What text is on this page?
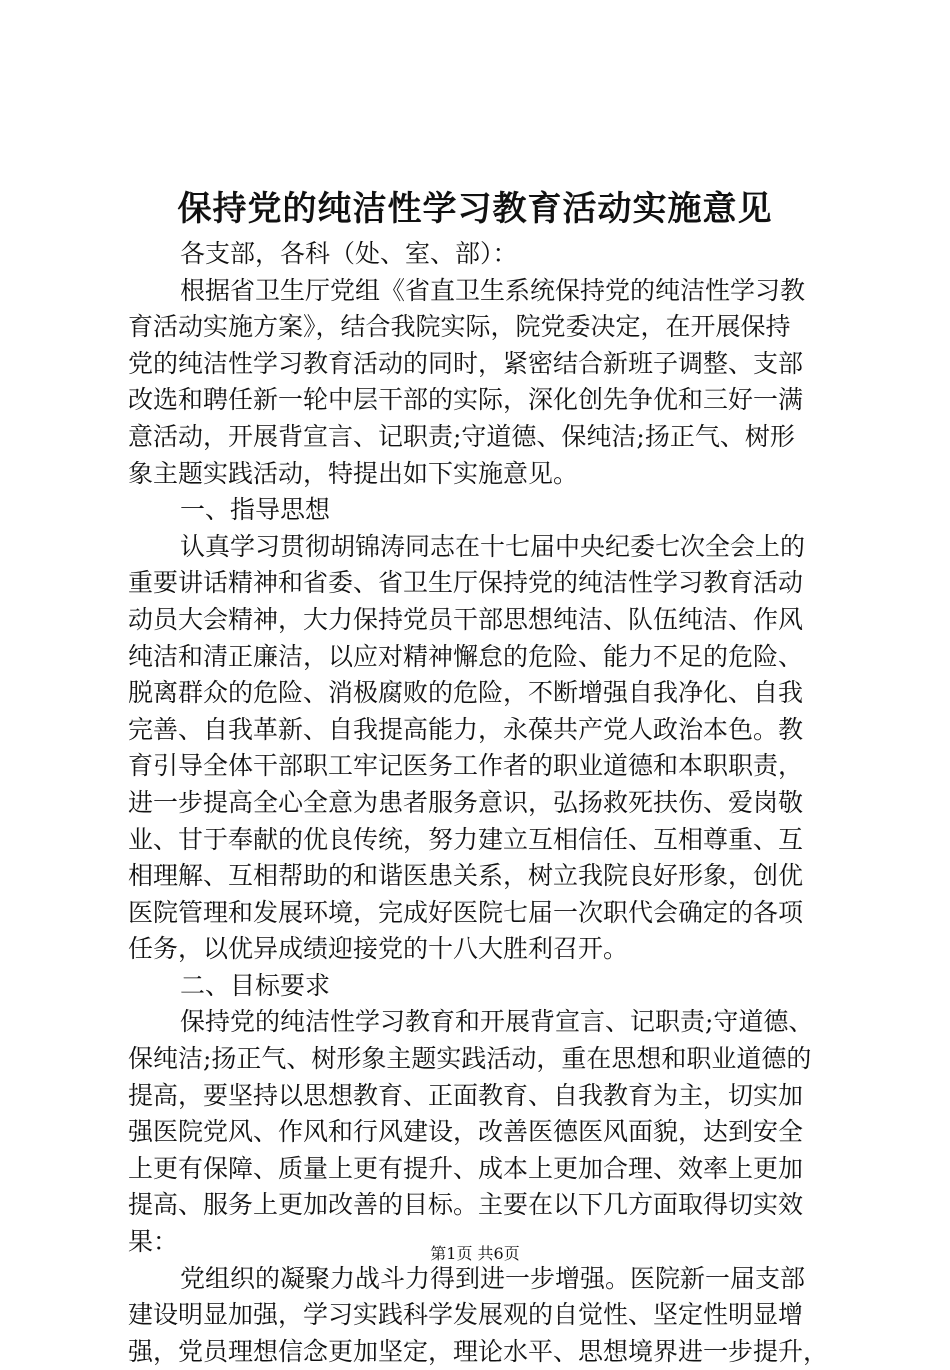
保持党的纯洁性学习教育活动实施意见
各支部，各科（处、室、部）：
根据省卫生厅党组《省直卫生系统保持党的纯洁性学习教
育活动实施方案》，结合我院实际，院党委决定，在开展保持
党的纯洁性学习教育活动的同时，紧密结合新班子调整、支部
改选和聘任新一轮中层干部的实际，深化创先争优和三好一满
意活动，开展背宣言、记职责;守道德、保纯洁;扬正气、树形
象主题实践活动，特提出如下实施意见。
一、指导思想
认真学习贯彻胡锦涛同志在十七届中央纪委七次全会上的
重要讲话精神和省委、省卫生厅保持党的纯洁性学习教育活动
动员大会精神，大力保持党员干部思想纯洁、队伍纯洁、作风
纯洁和清正廉洁，以应对精神懈怠的危险、能力不足的危险、
脱离群众的危险、消极腐败的危险，不断增强自我净化、自我
完善、自我革新、自我提高能力，永葆共产党人政治本色。教
育引导全体干部职工牢记医务工作者的职业道德和本职职责，
进一步提高全心全意为患者服务意识，弘扬救死扶伤、爱岗敬
业、甘于奉献的优良传统，努力建立互相信任、互相尊重、互
相理解、互相帮助的和谐医患关系，树立我院良好形象，创优
医院管理和发展环境，完成好医院七届一次职代会确定的各项
任务，以优异成绩迎接党的十八大胜利召开。
二、目标要求
保持党的纯洁性学习教育和开展背宣言、记职责;守道德、
保纯洁;扬正气、树形象主题实践活动，重在思想和职业道德的
提高，要坚持以思想教育、正面教育、自我教育为主，切实加
强医院党风、作风和行风建设，改善医德医风面貌，达到安全
上更有保障、质量上更有提升、成本上更加合理、效率上更加
提高、服务上更加改善的目标。主要在以下几方面取得切实效
果：
党组织的凝聚力战斗力得到进一步增强。医院新一届支部
建设明显加强，学习实践科学发展观的自觉性、坚定性明显增
强，党员理想信念更加坚定，理论水平、思想境界进一步提升，
第1页 共6页
